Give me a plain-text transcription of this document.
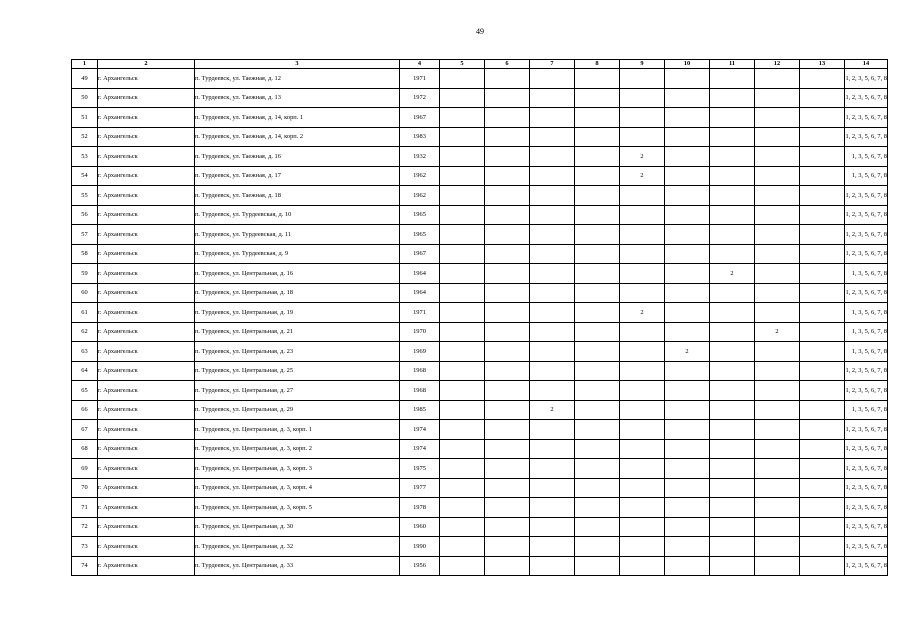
49
1	2	3	4	5	6	7	8	9	10	11	12	13	14
49	г. Архангельск	п. Турдеевск, ул. Таежная, д. 12	1971										1, 2, 3, 5, 6, 7, 8
50	г. Архангельск	п. Турдеевск, ул. Таежная, д. 13	1972										1, 2, 3, 5, 6, 7, 8
51	г. Архангельск	п. Турдеевск, ул. Таежная, д. 14, корп. 1	1967										1, 2, 3, 5, 6, 7, 8
52	г. Архангельск	п. Турдеевск, ул. Таежная, д. 14, корп. 2	1983										1, 2, 3, 5, 6, 7, 8
53	г. Архангельск	п. Турдеевск, ул. Таежная, д. 16	1932					2					1, 3, 5, 6, 7, 8
54	г. Архангельск	п. Турдеевск, ул. Таежная, д. 17	1962					2					1, 3, 5, 6, 7, 8
55	г. Архангельск	п. Турдеевск, ул. Таежная, д. 18	1962										1, 2, 3, 5, 6, 7, 8
56	г. Архангельск	п. Турдеевск, ул. Турдеевская, д. 10	1965										1, 2, 3, 5, 6, 7, 8
57	г. Архангельск	п. Турдеевск, ул. Турдеевская, д. 11	1965										1, 2, 3, 5, 6, 7, 8
58	г. Архангельск	п. Турдеевск, ул. Турдеевская, д. 9	1967										1, 2, 3, 5, 6, 7, 8
59	г. Архангельск	п. Турдеевск, ул. Центральная, д. 16	1964							2			1, 3, 5, 6, 7, 8
60	г. Архангельск	п. Турдеевск, ул. Центральная, д. 18	1964										1, 2, 3, 5, 6, 7, 8
61	г. Архангельск	п. Турдеевск, ул. Центральная, д. 19	1971					2					1, 3, 5, 6, 7, 8
62	г. Архангельск	п. Турдеевск, ул. Центральная, д. 21	1970								2		1, 3, 5, 6, 7, 8
63	г. Архангельск	п. Турдеевск, ул. Центральная, д. 23	1969						2				1, 3, 5, 6, 7, 8
64	г. Архангельск	п. Турдеевск, ул. Центральная, д. 25	1968										1, 2, 3, 5, 6, 7, 8
65	г. Архангельск	п. Турдеевск, ул. Центральная, д. 27	1968										1, 2, 3, 5, 6, 7, 8
66	г. Архангельск	п. Турдеевск, ул. Центральная, д. 29	1985			2							1, 3, 5, 6, 7, 8
67	г. Архангельск	п. Турдеевск, ул. Центральная, д. 3, корп. 1	1974										1, 2, 3, 5, 6, 7, 8
68	г. Архангельск	п. Турдеевск, ул. Центральная, д. 3, корп. 2	1974										1, 2, 3, 5, 6, 7, 8
69	г. Архангельск	п. Турдеевск, ул. Центральная, д. 3, корп. 3	1975										1, 2, 3, 5, 6, 7, 8
70	г. Архангельск	п. Турдеевск, ул. Центральная, д. 3, корп. 4	1977										1, 2, 3, 5, 6, 7, 8
71	г. Архангельск	п. Турдеевск, ул. Центральная, д. 3, корп. 5	1978										1, 2, 3, 5, 6, 7, 8
72	г. Архангельск	п. Турдеевск, ул. Центральная, д. 30	1960										1, 2, 3, 5, 6, 7, 8
73	г. Архангельск	п. Турдеевск, ул. Центральная, д. 32	1990										1, 2, 3, 5, 6, 7, 8
74	г. Архангельск	п. Турдеевск, ул. Центральная, д. 33	1956										1, 2, 3, 5, 6, 7, 8
